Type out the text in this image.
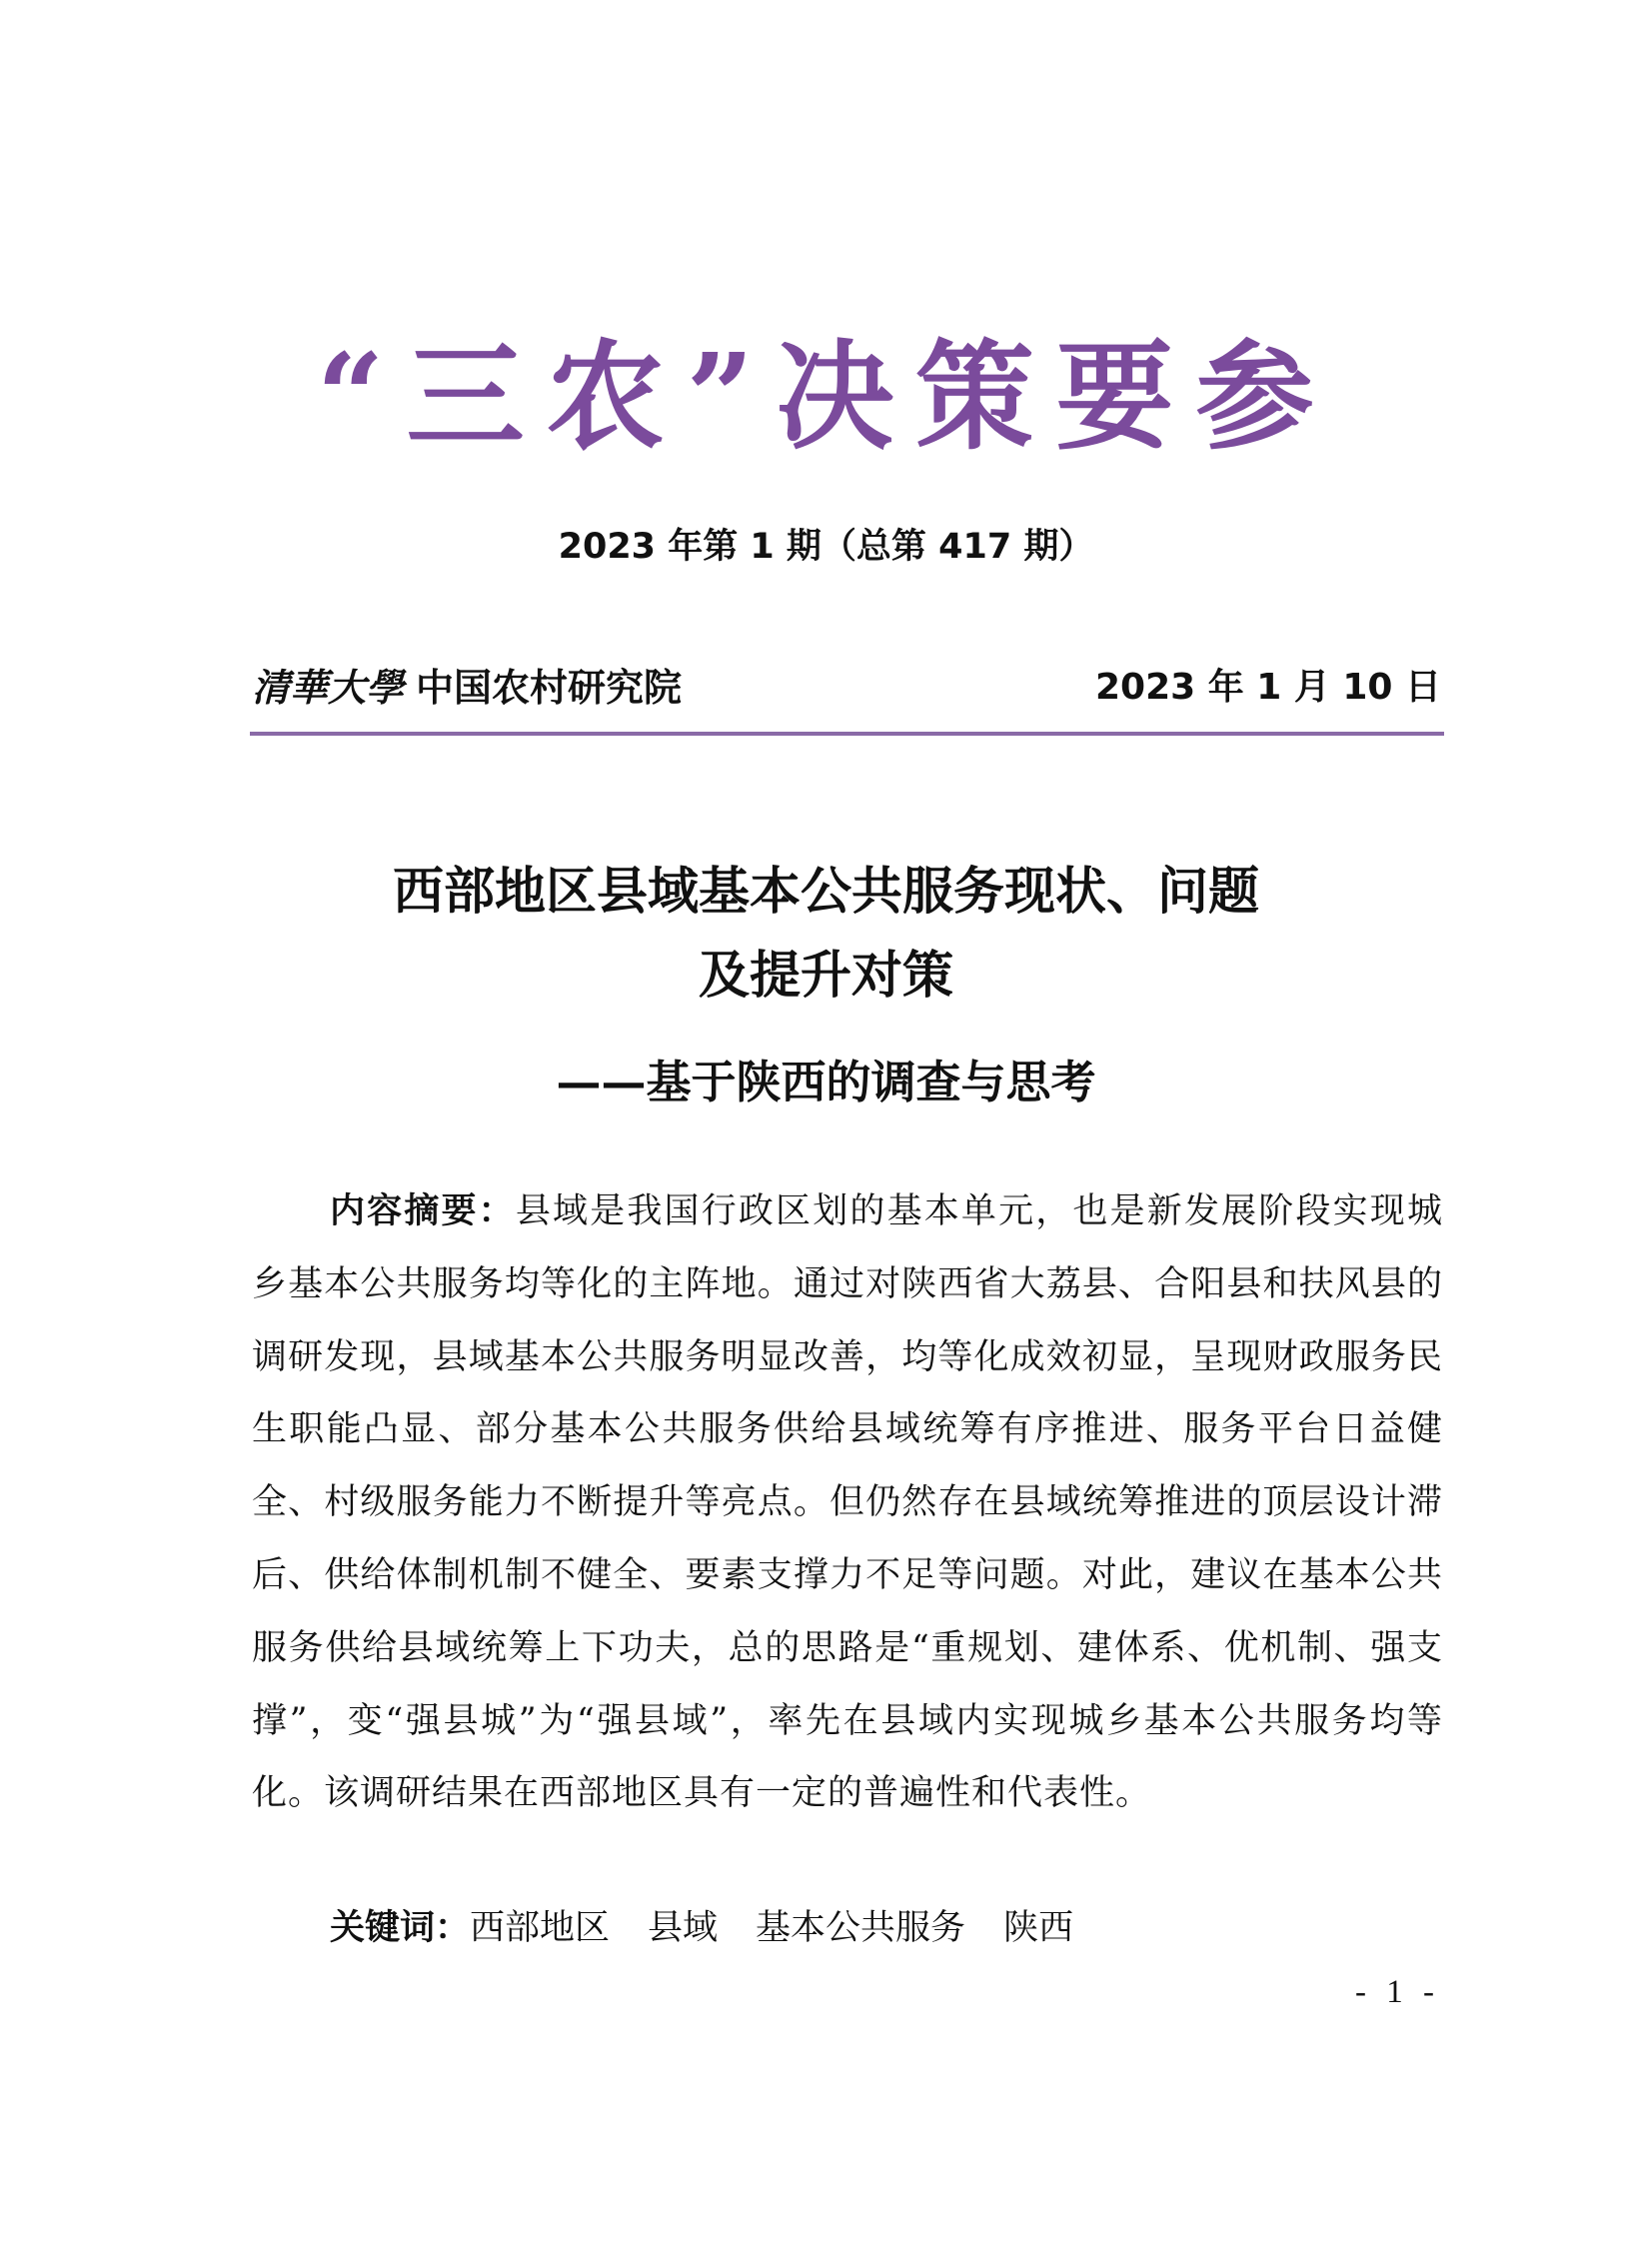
“三农”决策要参
2023 年第 1 期（总第 417 期）
清華大學 中国农村研究院	2023 年 1 月 10 日
西部地区县域基本公共服务现状、问题
及提升对策
——基于陕西的调查与思考
内容摘要：县域是我国行政区划的基本单元，也是新发展阶段实现城乡基本公共服务均等化的主阵地。通过对陕西省大荔县、合阳县和扶风县的调研发现，县域基本公共服务明显改善，均等化成效初显，呈现财政服务民生职能凸显、部分基本公共服务供给县域统筹有序推进、服务平台日益健全、村级服务能力不断提升等亮点。但仍然存在县域统筹推进的顶层设计滞后、供给体制机制不健全、要素支撑力不足等问题。对此，建议在基本公共服务供给县域统筹上下功夫，总的思路是“重规划、建体系、优机制、强支撑”，变“强县城”为“强县域”，率先在县域内实现城乡基本公共服务均等化。该调研结果在西部地区具有一定的普遍性和代表性。
关键词：西部地区 县域 基本公共服务 陕西
- 1 -
